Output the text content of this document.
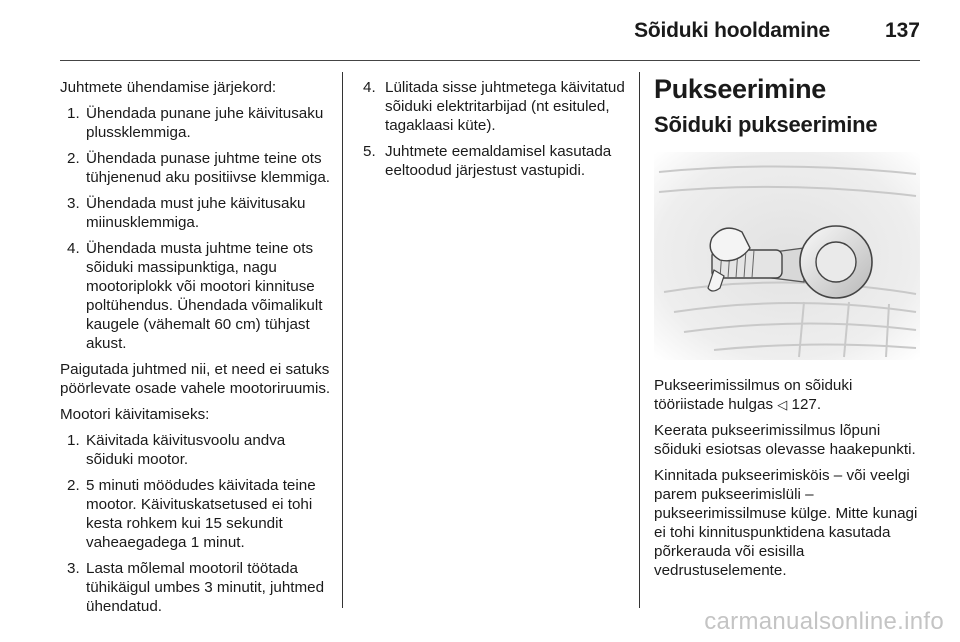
Sõiduki hooldamine	137

Juhtmete ühendamise järjekord:

1. Ühendada punane juhe käivitusaku plussklemmiga.
2. Ühendada punase juhtme teine ots tühjenenud aku positiivse klemmiga.
3. Ühendada must juhe käivitusaku miinusklemmiga.
4. Ühendada musta juhtme teine ots sõiduki massipunktiga, nagu mootoriplokk või mootori kinnituse poltühendus. Ühendada võimalikult kaugele (vähemalt 60 cm) tühjast akust.

Paigutada juhtmed nii, et need ei satuks pöörlevate osade vahele mootoriruumis.

Mootori käivitamiseks:

1. Käivitada käivitusvoolu andva sõiduki mootor.
2. 5 minuti möödudes käivitada teine mootor. Käivituskatsetused ei tohi kesta rohkem kui 15 sekundit vaheaegadega 1 minut.
3. Lasta mõlemal mootoril töötada tühikäigul umbes 3 minutit, juhtmed ühendatud.
4. Lülitada sisse juhtmetega käivitatud sõiduki elektritarbijad (nt esituled, tagaklaasi küte).
5. Juhtmete eemaldamisel kasutada eeltoodud järjestust vastupidi.
Pukseerimine
Sõiduki pukseerimine

Pukseerimissilmus on sõiduki tööriistade hulgas ◁ 127.

Keerata pukseerimissilmus lõpuni sõiduki esiotsas olevasse haakepunkti.

Kinnitada pukseerimisköis – või veelgi parem pukseerimislüli – pukseerimissilmuse külge. Mitte kunagi ei tohi kinnituspunktidena kasutada põrkerauda või esisilla vedrustuselemente.

carmanualsonline.info
